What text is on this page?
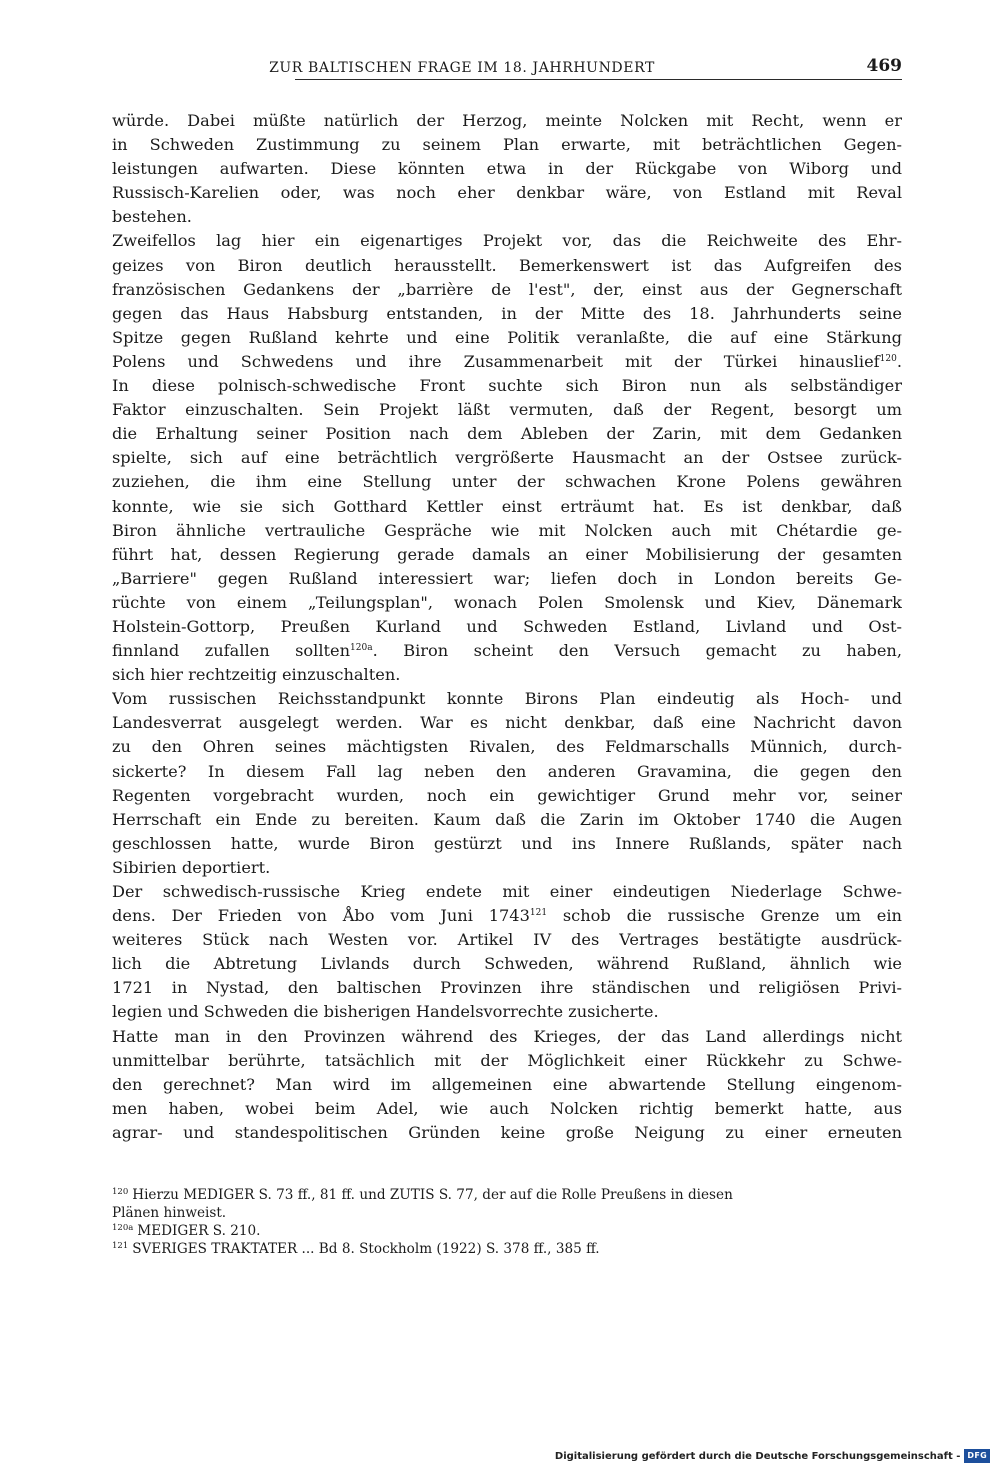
ZUR BALTISCHEN FRAGE IM 18. JAHRHUNDERT	469
würde. Dabei müßte natürlich der Herzog, meinte Nolcken mit Recht, wenn er
in Schweden Zustimmung zu seinem Plan erwarte, mit beträchtlichen Gegen-
leistungen aufwarten. Diese könnten etwa in der Rückgabe von Wiborg und
Russisch-Karelien oder, was noch eher denkbar wäre, von Estland mit Reval
bestehen.
Zweifellos lag hier ein eigenartiges Projekt vor, das die Reichweite des Ehr-
geizes von Biron deutlich herausstellt. Bemerkenswert ist das Aufgreifen des
französischen Gedankens der „barrière de l'est", der, einst aus der Gegnerschaft
gegen das Haus Habsburg entstanden, in der Mitte des 18. Jahrhunderts seine
Spitze gegen Rußland kehrte und eine Politik veranlaßte, die auf eine Stärkung
Polens und Schwedens und ihre Zusammenarbeit mit der Türkei hinauslief$^{120}$.
In diese polnisch-schwedische Front suchte sich Biron nun als selbständiger
Faktor einzuschalten. Sein Projekt läßt vermuten, daß der Regent, besorgt um
die Erhaltung seiner Position nach dem Ableben der Zarin, mit dem Gedanken
spielte, sich auf eine beträchtlich vergrößerte Hausmacht an der Ostsee zurück-
zuziehen, die ihm eine Stellung unter der schwachen Krone Polens gewähren
konnte, wie sie sich Gotthard Kettler einst erträumt hat. Es ist denkbar, daß
Biron ähnliche vertrauliche Gespräche wie mit Nolcken auch mit Chétardie ge-
führt hat, dessen Regierung gerade damals an einer Mobilisierung der gesamten
„Barriere" gegen Rußland interessiert war; liefen doch in London bereits Ge-
rüchte von einem „Teilungsplan", wonach Polen Smolensk und Kiev, Dänemark
Holstein-Gottorp, Preußen Kurland und Schweden Estland, Livland und Ost-
finnland zufallen sollten$^{120a}$. Biron scheint den Versuch gemacht zu haben,
sich hier rechtzeitig einzuschalten.
Vom russischen Reichsstandpunkt konnte Birons Plan eindeutig als Hoch- und
Landesverrat ausgelegt werden. War es nicht denkbar, daß eine Nachricht davon
zu den Ohren seines mächtigsten Rivalen, des Feldmarschalls Münnich, durch-
sickerte? In diesem Fall lag neben den anderen Gravamina, die gegen den
Regenten vorgebracht wurden, noch ein gewichtiger Grund mehr vor, seiner
Herrschaft ein Ende zu bereiten. Kaum daß die Zarin im Oktober 1740 die Augen
geschlossen hatte, wurde Biron gestürzt und ins Innere Rußlands, später nach
Sibirien deportiert.
Der schwedisch-russische Krieg endete mit einer eindeutigen Niederlage Schwe-
dens. Der Frieden von Åbo vom Juni 1743$^{121}$ schob die russische Grenze um ein
weiteres Stück nach Westen vor. Artikel IV des Vertrages bestätigte ausdrück-
lich die Abtretung Livlands durch Schweden, während Rußland, ähnlich wie
1721 in Nystad, den baltischen Provinzen ihre ständischen und religiösen Privi-
legien und Schweden die bisherigen Handelsvorrechte zusicherte.
Hatte man in den Provinzen während des Krieges, der das Land allerdings nicht
unmittelbar berührte, tatsächlich mit der Möglichkeit einer Rückkehr zu Schwe-
den gerechnet? Man wird im allgemeinen eine abwartende Stellung eingenom-
men haben, wobei beim Adel, wie auch Nolcken richtig bemerkt hatte, aus
agrar- und standespolitischen Gründen keine große Neigung zu einer erneuten
$^{120}$ Hierzu MEDIGER S. 73 ff., 81 ff. und ZUTIS S. 77, der auf die Rolle Preußens in diesen
Plänen hinweist.
$^{120a}$ MEDIGER S. 210.
$^{121}$ SVERIGES TRAKTATER ... Bd 8. Stockholm (1922) S. 378 ff., 385 ff.
Digitalisierung gefördert durch die Deutsche Forschungsgemeinschaft - DFG
